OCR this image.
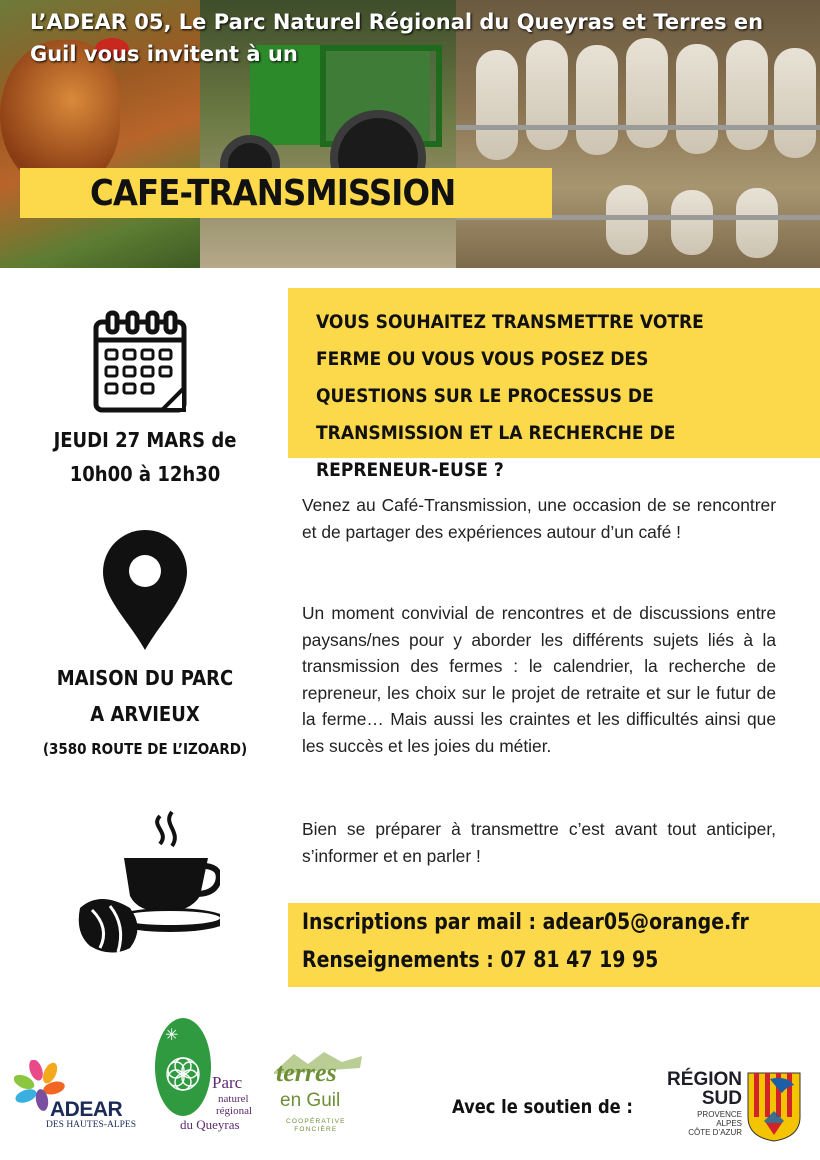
L’ADEAR 05, Le Parc Naturel Régional du Queyras et Terres en Guil vous invitent à un
CAFE-TRANSMISSION
JEUDI 27 MARS de
10h00 à 12h30
MAISON DU PARC
A ARVIEUX
(3580 ROUTE DE L’IZOARD)
VOUS SOUHAITEZ TRANSMETTRE VOTRE FERME OU VOUS VOUS POSEZ DES QUESTIONS SUR LE PROCESSUS DE TRANSMISSION ET LA RECHERCHE DE REPRENEUR-EUSE ?

Venez au Café-Transmission, une occasion de se rencontrer et de partager des expériences autour d’un café !

Un moment convivial de rencontres et de discussions entre paysans/nes pour y aborder les différents sujets liés à la transmission des fermes : le calendrier, la recherche de repreneur, les choix sur le projet de retraite et sur le futur de la ferme… Mais aussi les craintes et les difficultés ainsi que les succès et les joies du métier.

Bien se préparer à transmettre c’est avant tout anticiper, s’informer et en parler !

Inscriptions par mail : adear05@orange.fr
Renseignements : 07 81 47 19 95
ADEAR
DES HAUTES-ALPES
✳
Parc
naturel
régional
du Queyras
terres
en Guil
COOPÉRATIVE
FONCIÈRE
Avec le soutien de :
RÉGION
SUD
PROVENCE
ALPES
CÔTE D’AZUR
